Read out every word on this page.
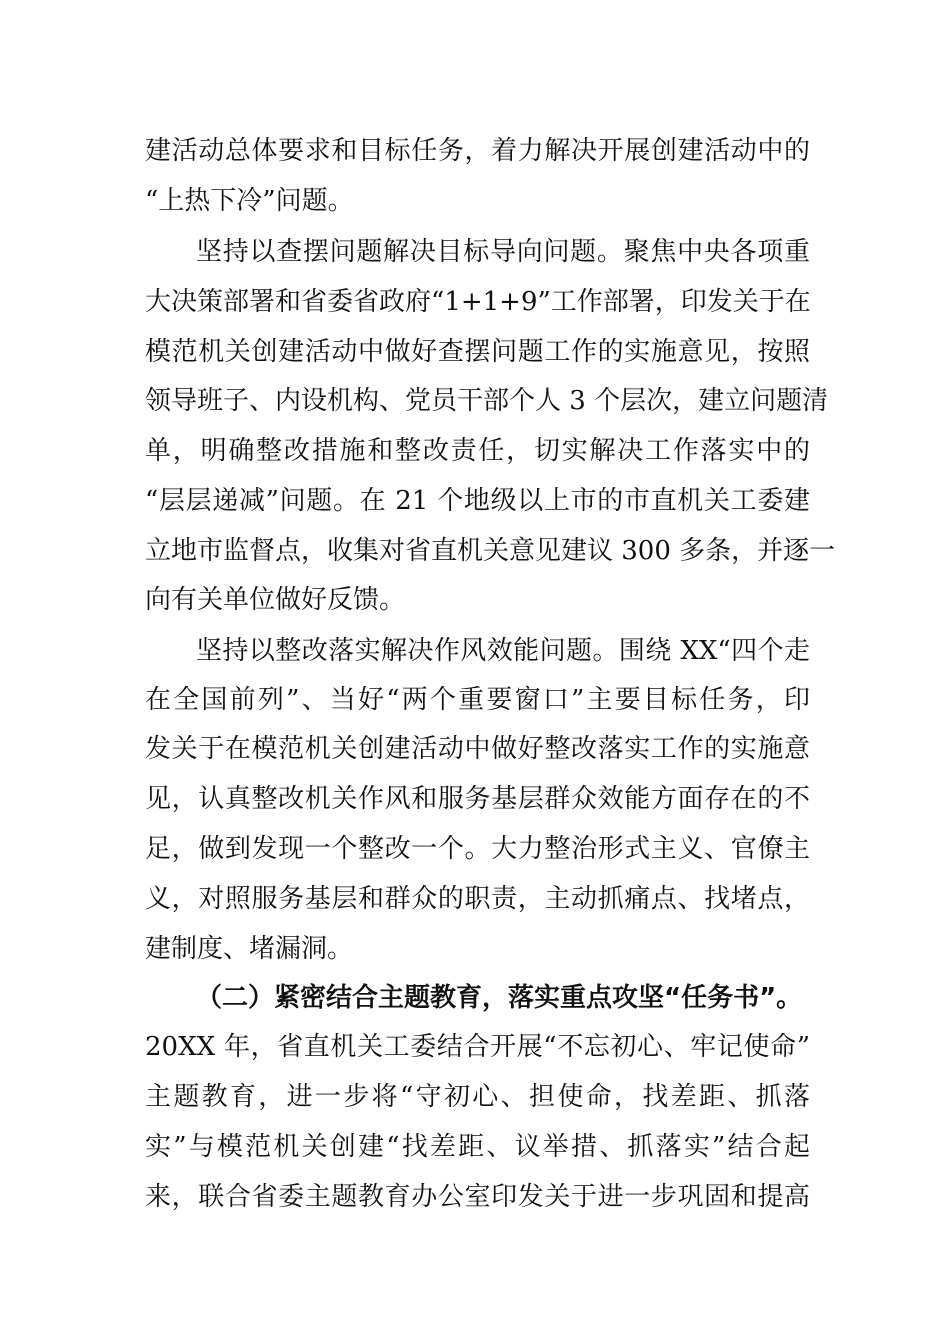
建活动总体要求和目标任务，着力解决开展创建活动中的
“上热下冷”问题。
坚持以查摆问题解决目标导向问题。聚焦中央各项重
大决策部署和省委省政府“1+1+9”工作部署，印发关于在
模范机关创建活动中做好查摆问题工作的实施意见，按照
领导班子、内设机构、党员干部个人 3 个层次，建立问题清
单，明确整改措施和整改责任，切实解决工作落实中的
“层层递减”问题。在 21 个地级以上市的市直机关工委建
立地市监督点，收集对省直机关意见建议 300 多条，并逐一
向有关单位做好反馈。
坚持以整改落实解决作风效能问题。围绕 XX“四个走
在全国前列”、当好“两个重要窗口”主要目标任务，印
发关于在模范机关创建活动中做好整改落实工作的实施意
见，认真整改机关作风和服务基层群众效能方面存在的不
足，做到发现一个整改一个。大力整治形式主义、官僚主
义，对照服务基层和群众的职责，主动抓痛点、找堵点，
建制度、堵漏洞。
（二）紧密结合主题教育，落实重点攻坚“任务书”。
20XX 年，省直机关工委结合开展“不忘初心、牢记使命”
主题教育，进一步将“守初心、担使命，找差距、抓落
实”与模范机关创建“找差距、议举措、抓落实”结合起
来，联合省委主题教育办公室印发关于进一步巩固和提高
